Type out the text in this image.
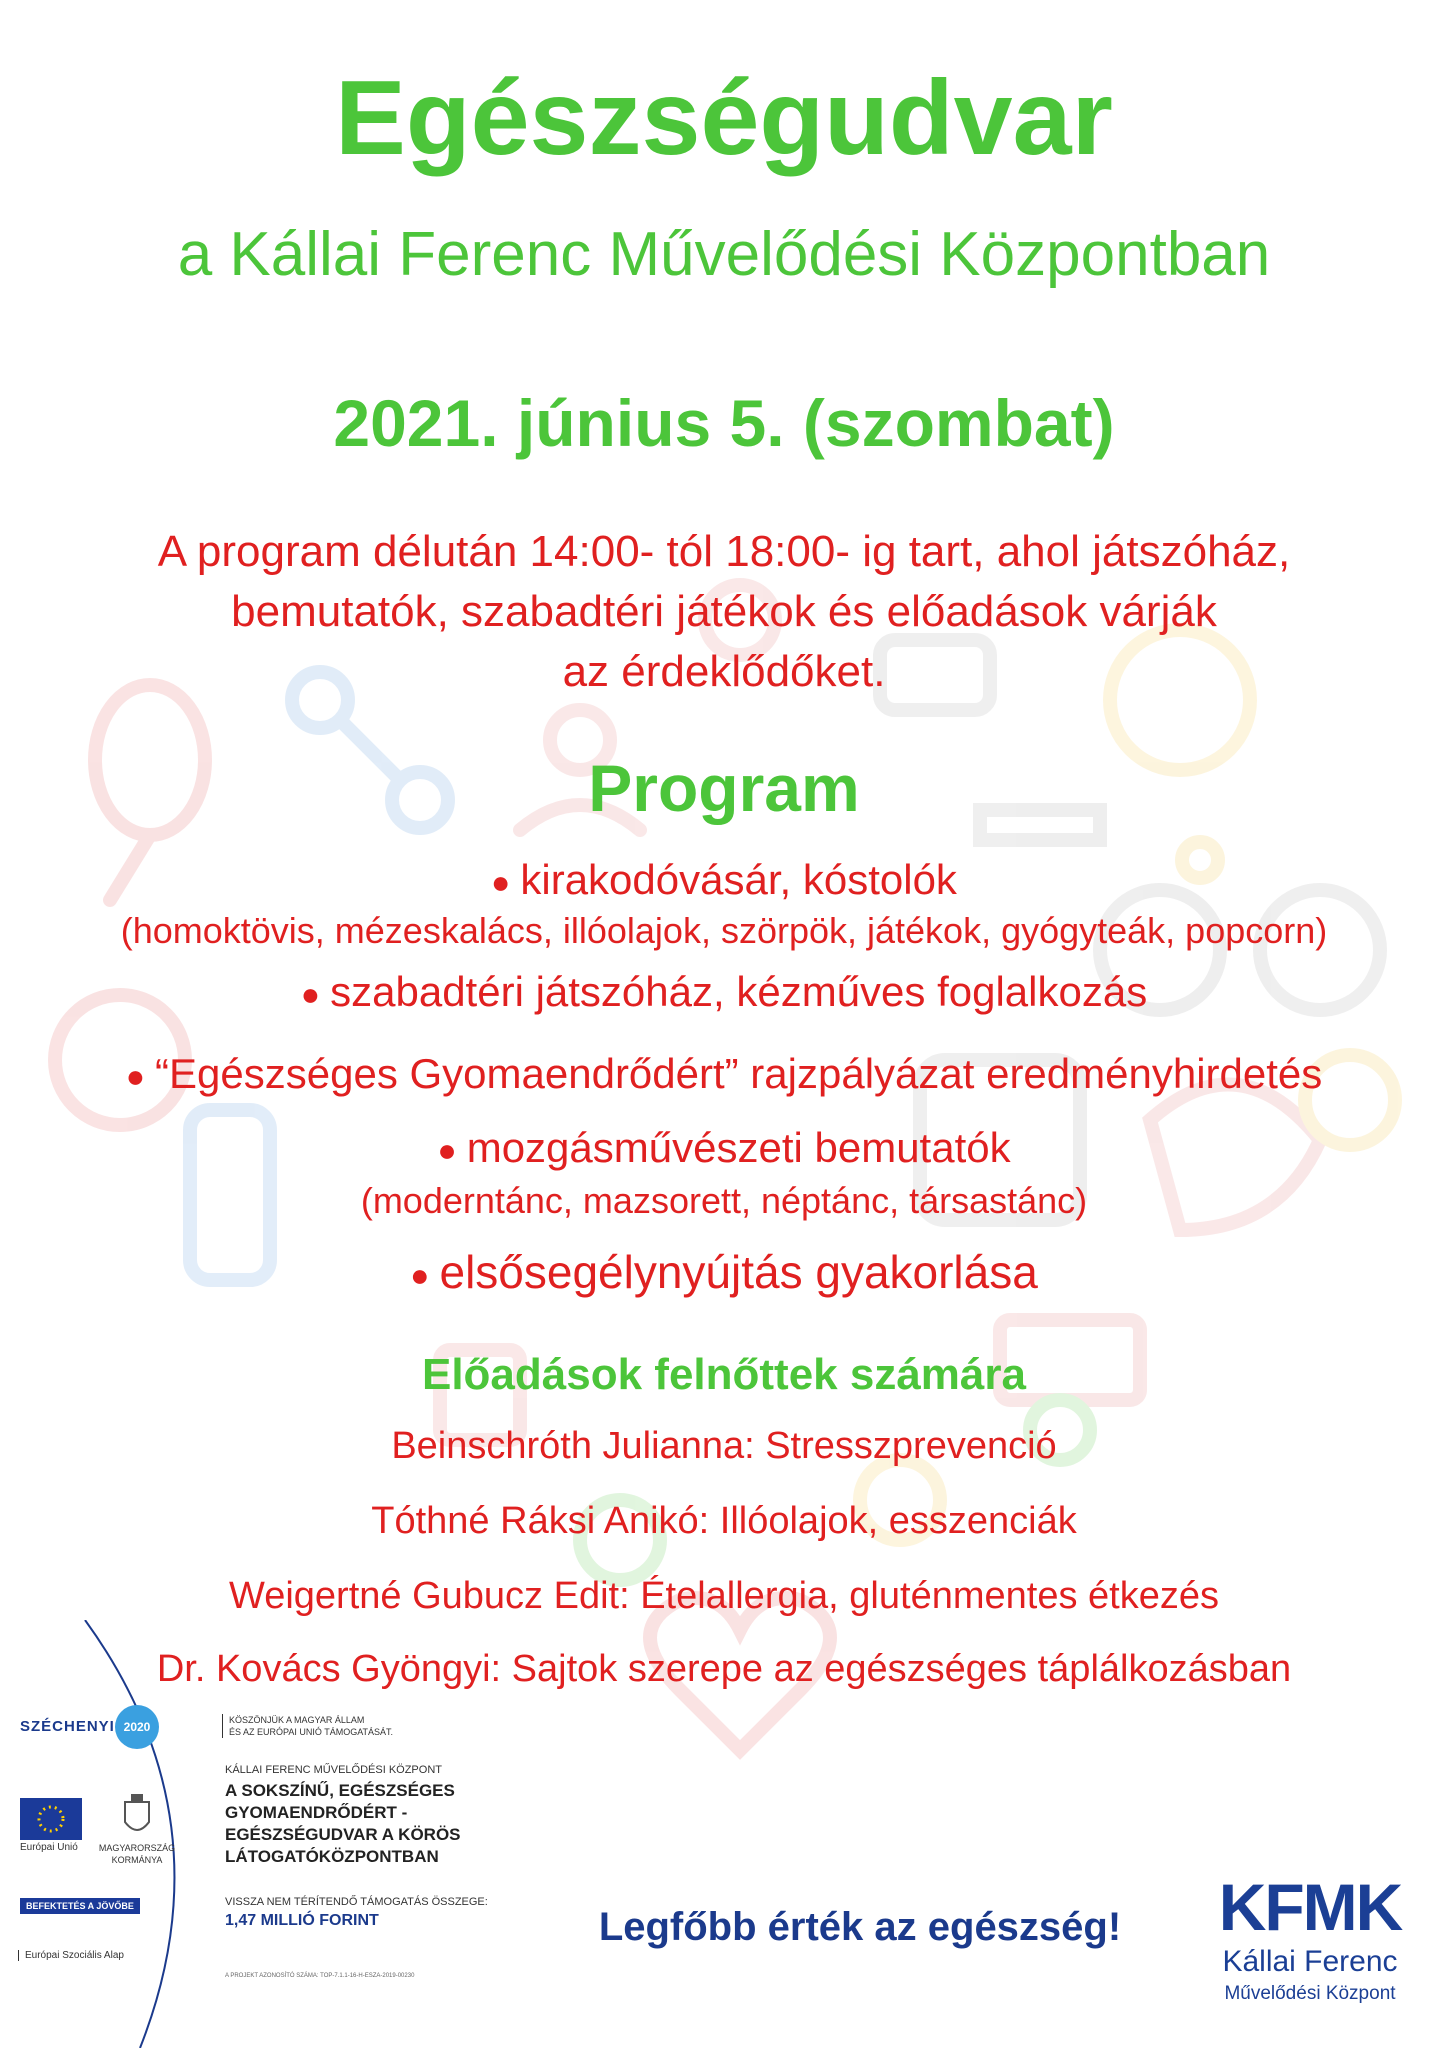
Egészségudvar
a Kállai Ferenc Művelődési Központban
2021. június 5. (szombat)
A program délután 14:00- tól 18:00- ig tart, ahol játszóház,
bemutatók, szabadtéri játékok és előadások várják
az érdeklődőket.
Program
● kirakodóvásár, kóstolók
(homoktövis, mézeskalács, illóolajok, szörpök, játékok, gyógyteák, popcorn)
● szabadtéri játszóház, kézműves foglalkozás
● “Egészséges Gyomaendrődért” rajzpályázat eredményhirdetés
● mozgásművészeti bemutatók
(moderntánc, mazsorett, néptánc, társastánc)
● elsősegélynyújtás gyakorlása
Előadások felnőttek számára
Beinschróth Julianna: Stresszprevenció
Tóthné Ráksi Anikó: Illóolajok, esszenciák
Weigertné Gubucz Edit: Ételallergia, gluténmentes étkezés
Dr. Kovács Gyöngyi: Sajtok szerepe az egészséges táplálkozásban
SZÉCHENYI 2020
Európai Unió	MAGYARORSZÁG
KORMÁNYA
BEFEKTETÉS A JÖVŐBE
Európai Szociális Alap
KÖSZÖNJÜK A MAGYAR ÁLLAM
ÉS AZ EURÓPAI UNIÓ TÁMOGATÁSÁT.
KÁLLAI FERENC MŰVELŐDÉSI KÖZPONT
A SOKSZÍNŰ, EGÉSZSÉGES
GYOMAENDRŐDÉRT -
EGÉSZSÉGUDVAR A KÖRÖS
LÁTOGATÓKÖZPONTBAN
VISSZA NEM TÉRÍTENDŐ TÁMOGATÁS ÖSSZEGE:
1,47 MILLIÓ FORINT
A PROJEKT AZONOSÍTÓ SZÁMA: TOP-7.1.1-16-H-ESZA-2019-00230
Legfőbb érték az egészség!	KFMK
Kállai Ferenc
Művelődési Központ
